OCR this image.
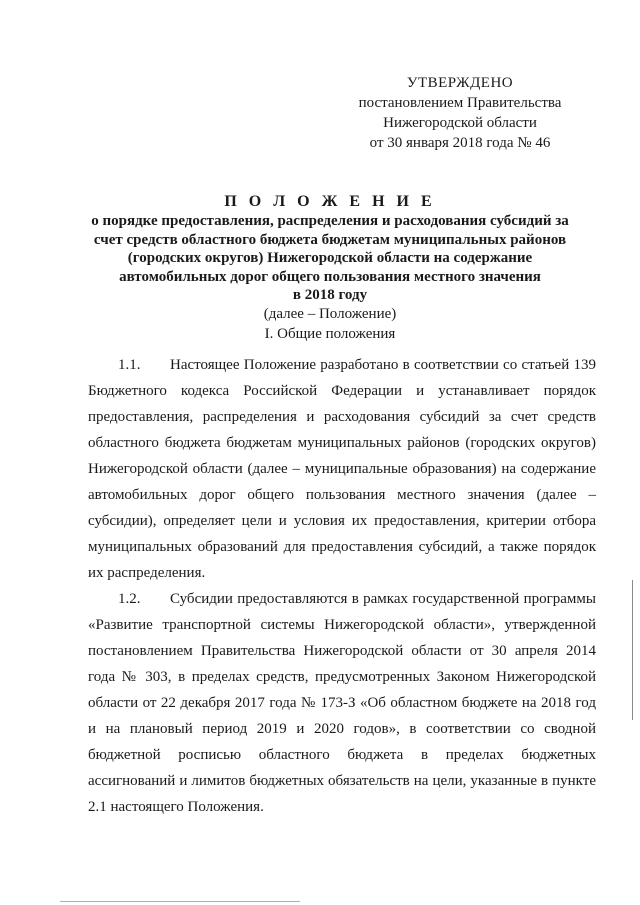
УТВЕРЖДЕНО
постановлением Правительства
Нижегородской области
от 30 января 2018 года № 46
П О Л О Ж Е Н И Е
о порядке предоставления, распределения и расходования субсидий за
счет средств областного бюджета бюджетам муниципальных районов
(городских округов) Нижегородской области на содержание
автомобильных дорог общего пользования местного значения
в 2018 году
(далее – Положение)
I. Общие положения

1.1. Настоящее Положение разработано в соответствии со статьей 139 Бюджетного кодекса Российской Федерации и устанавливает порядок предоставления, распределения и расходования субсидий за счет средств областного бюджета бюджетам муниципальных районов (городских округов) Нижегородской области (далее – муниципальные образования) на содержание автомобильных дорог общего пользования местного значения (далее – субсидии), определяет цели и условия их предоставления, критерии отбора муниципальных образований для предоставления субсидий, а также порядок их распределения.

1.2. Субсидии предоставляются в рамках государственной программы «Развитие транспортной системы Нижегородской области», утвержденной постановлением Правительства Нижегородской области от 30 апреля 2014 года № 303, в пределах средств, предусмотренных Законом Нижегородской области от 22 декабря 2017 года № 173-З «Об областном бюджете на 2018 год и на плановый период 2019 и 2020 годов», в соответствии со сводной бюджетной росписью областного бюджета в пределах бюджетных ассигнований и лимитов бюджетных обязательств на цели, указанные в пункте 2.1 настоящего Положения.
